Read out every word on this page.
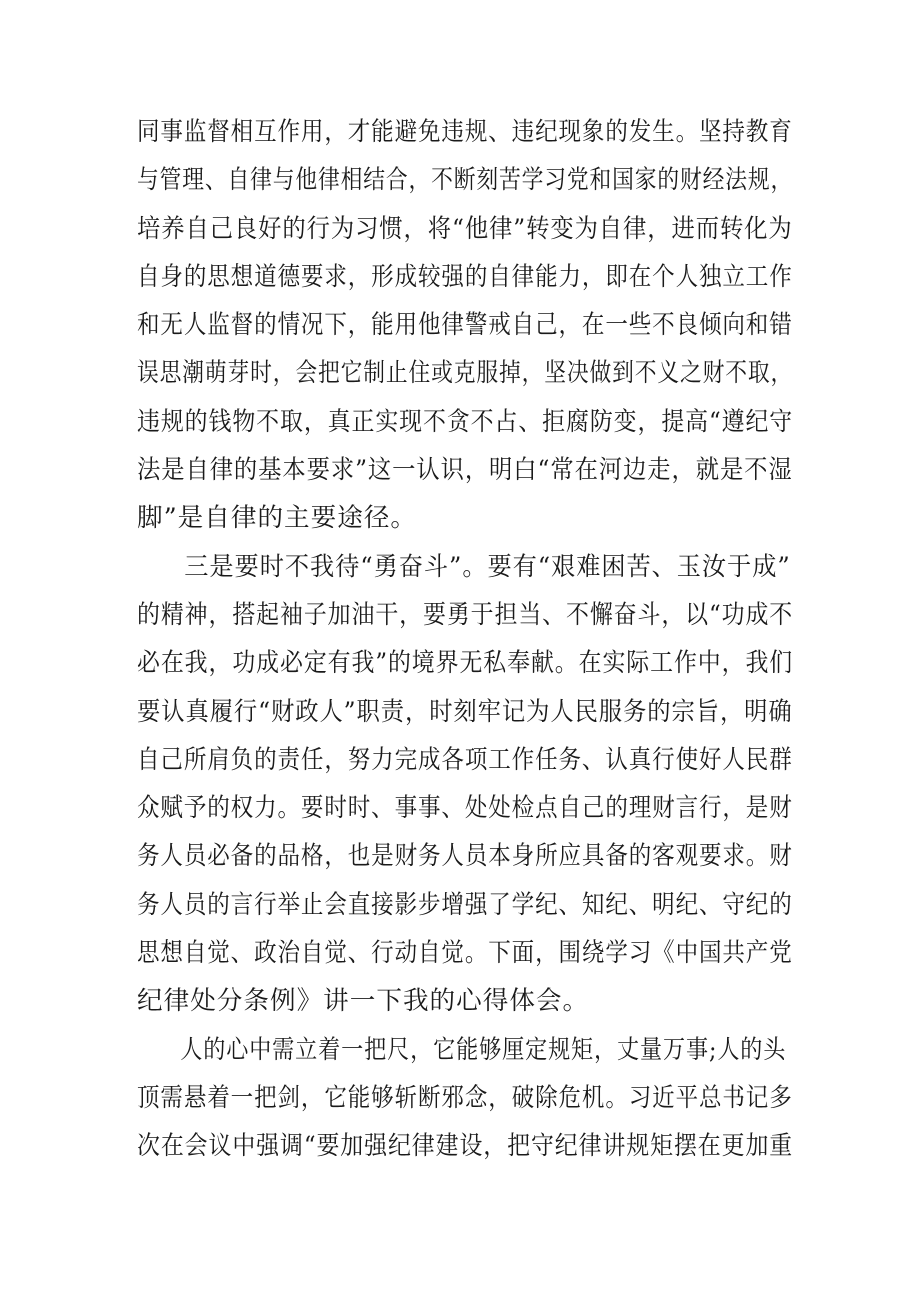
同事监督相互作用，才能避免违规、违纪现象的发生。坚持教育
与管理、自律与他律相结合，不断刻苦学习党和国家的财经法规，
培养自己良好的行为习惯，将“他律”转变为自律，进而转化为
自身的思想道德要求，形成较强的自律能力，即在个人独立工作
和无人监督的情况下，能用他律警戒自己，在一些不良倾向和错
误思潮萌芽时，会把它制止住或克服掉，坚决做到不义之财不取，
违规的钱物不取，真正实现不贪不占、拒腐防变，提高“遵纪守
法是自律的基本要求”这一认识，明白“常在河边走，就是不湿
脚”是自律的主要途径。
三是要时不我待“勇奋斗”。要有“艰难困苦、玉汝于成”
的精神，搭起袖子加油干，要勇于担当、不懈奋斗，以“功成不
必在我，功成必定有我”的境界无私奉献。在实际工作中，我们
要认真履行“财政人”职责，时刻牢记为人民服务的宗旨，明确
自己所肩负的责任，努力完成各项工作任务、认真行使好人民群
众赋予的权力。要时时、事事、处处检点自己的理财言行，是财
务人员必备的品格，也是财务人员本身所应具备的客观要求。财
务人员的言行举止会直接影步增强了学纪、知纪、明纪、守纪的
思想自觉、政治自觉、行动自觉。下面，围绕学习《中国共产党
纪律处分条例》讲一下我的心得体会。
人的心中需立着一把尺，它能够厘定规矩，丈量万事;人的头
顶需悬着一把剑，它能够斩断邪念，破除危机。习近平总书记多
次在会议中强调“要加强纪律建设，把守纪律讲规矩摆在更加重
